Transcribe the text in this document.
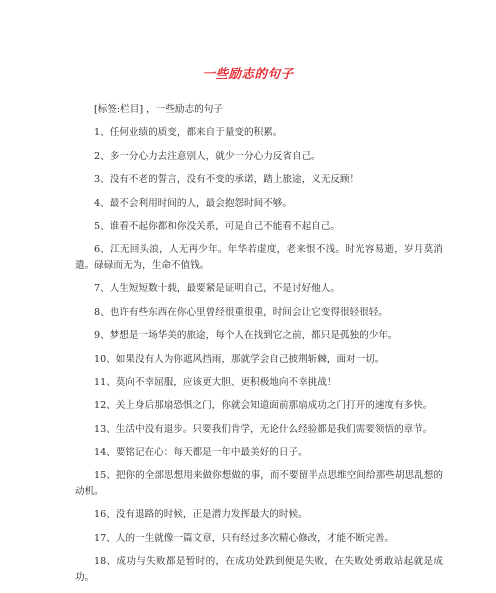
一些励志的句子

[标签:栏目] ，一些励志的句子

1、任何业绩的质变，都来自于量变的积累。

2、多一分心力去注意别人，就少一分心力反省自己。

3、没有不老的誓言，没有不变的承诺，踏上旅途，义无反顾！

4、最不会利用时间的人，最会抱怨时间不够。

5、谁看不起你都和你没关系，可是自己不能看不起自己。

6、江无回头浪，人无再少年。年华若虚度，老来恨不浅。时光容易逝，岁月莫消遣。碌碌而无为，生命不值钱。

7、人生短短数十载，最要紧是证明自己，不是讨好他人。

8、也许有些东西在你心里曾经很重很重，时间会让它变得很轻很轻。

9、梦想是一场华美的旅途，每个人在找到它之前，都只是孤独的少年。

10、如果没有人为你遮风挡雨，那就学会自己披荆斩棘，面对一切。

11、莫向不幸屈服，应该更大胆、更积极地向不幸挑战！

12、关上身后那扇恐惧之门，你就会知道面前那扇成功之门打开的速度有多快。

13、生活中没有退步。只要我们肯学，无论什么经验都是我们需要领悟的章节。

14、要铭记在心：每天都是一年中最美好的日子。

15、把你的全部思想用来做你想做的事，而不要留半点思维空间给那些胡思乱想的动机。

16、没有退路的时候，正是潜力发挥最大的时候。

17、人的一生就像一篇文章，只有经过多次精心修改，才能不断完善。

18、成功与失败都是暂时的，在成功处跌到便是失败，在失败处勇敢站起就是成功。
